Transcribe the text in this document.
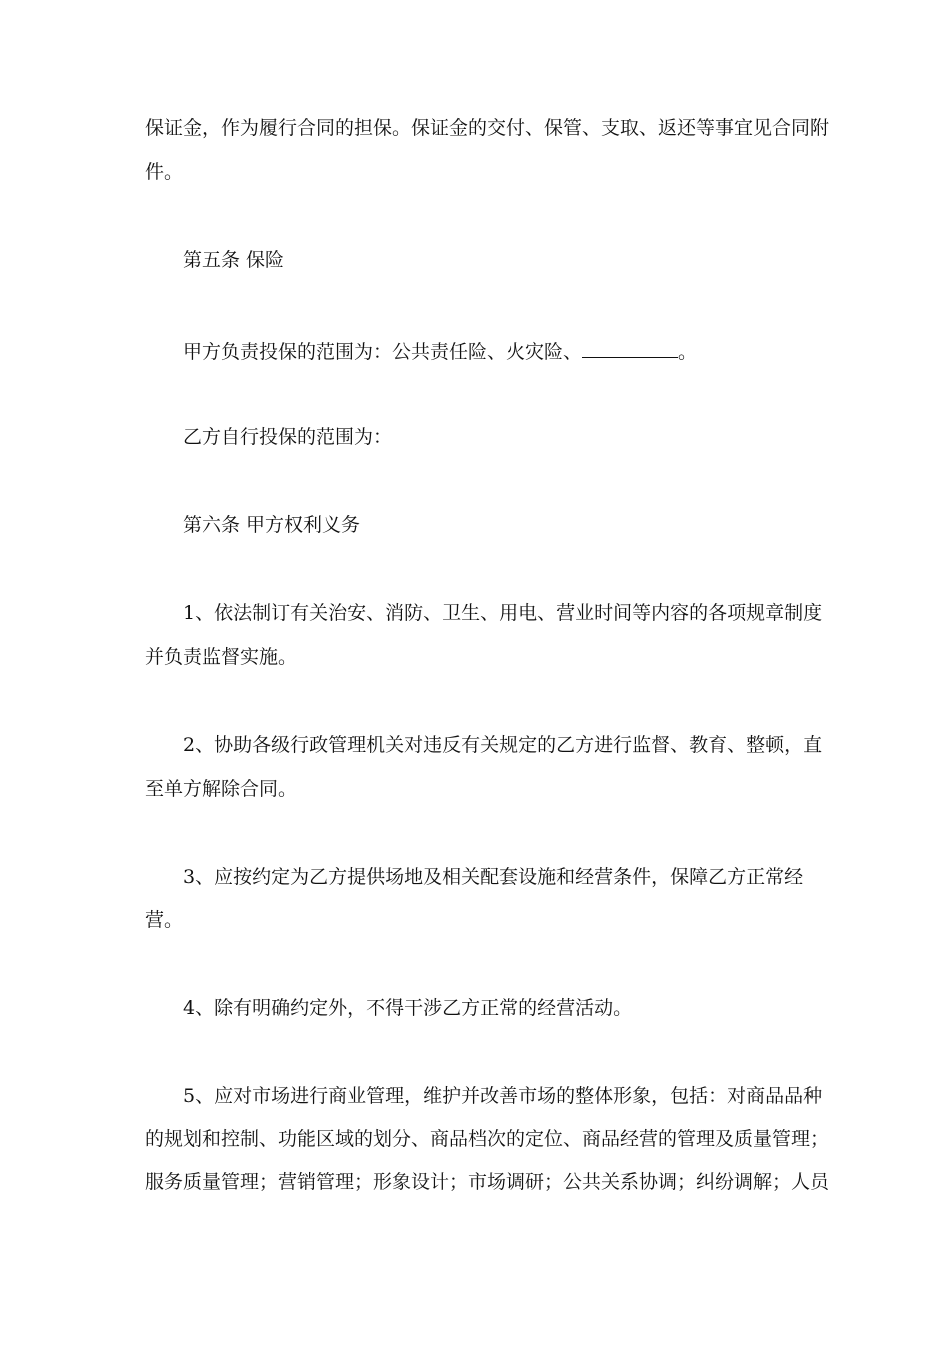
保证金，作为履行合同的担保。保证金的交付、保管、支取、返还等事宜见合同附
件。
第五条 保险
甲方负责投保的范围为：公共责任险、火灾险、	。
乙方自行投保的范围为：
第六条 甲方权利义务
1、依法制订有关治安、消防、卫生、用电、营业时间等内容的各项规章制度
并负责监督实施。
2、协助各级行政管理机关对违反有关规定的乙方进行监督、教育、整顿，直
至单方解除合同。
3、应按约定为乙方提供场地及相关配套设施和经营条件，保障乙方正常经
营。
4、除有明确约定外，不得干涉乙方正常的经营活动。
5、应对市场进行商业管理，维护并改善市场的整体形象，包括：对商品品种
的规划和控制、功能区域的划分、商品档次的定位、商品经营的管理及质量管理；
服务质量管理；营销管理；形象设计；市场调研；公共关系协调；纠纷调解；人员
